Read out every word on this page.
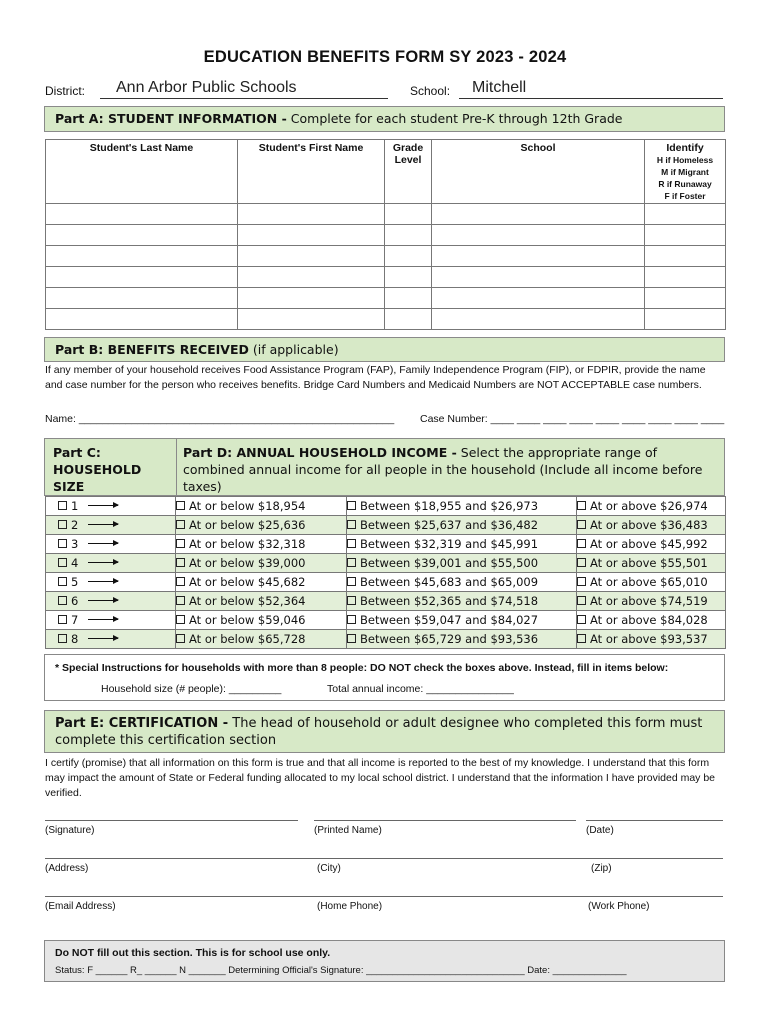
EDUCATION BENEFITS FORM SY 2023 - 2024
District: Ann Arbor Public Schools	School: Mitchell
Part A: STUDENT INFORMATION - Complete for each student Pre-K through 12th Grade
Student's Last Name	Student's First Name	Grade Level	School	Identify
H if Homeless
M if Migrant
R if Runaway
F if Foster

Part B: BENEFITS RECEIVED (if applicable)
If any member of your household receives Food Assistance Program (FAP), Family Independence Program (FIP), or FDPIR, provide the name and case number for the person who receives benefits. Bridge Card Numbers and Medicaid Numbers are NOT ACCEPTABLE case numbers.
Name: ______________________________________________________ Case Number: ____ ____ ____ ____ ____ ____ ____ ____ ____
Part C: HOUSEHOLD SIZE
Part D: ANNUAL HOUSEHOLD INCOME - Select the appropriate range of combined annual income for all people in the household (Include all income before taxes)
1	At or below $18,954	Between $18,955 and $26,973	At or above $26,974
2	At or below $25,636	Between $25,637 and $36,482	At or above $36,483
3	At or below $32,318	Between $32,319 and $45,991	At or above $45,992
4	At or below $39,000	Between $39,001 and $55,500	At or above $55,501
5	At or below $45,682	Between $45,683 and $65,009	At or above $65,010
6	At or below $52,364	Between $52,365 and $74,518	At or above $74,519
7	At or below $59,046	Between $59,047 and $84,027	At or above $84,028
8	At or below $65,728	Between $65,729 and $93,536	At or above $93,537
* Special Instructions for households with more than 8 people: DO NOT check the boxes above. Instead, fill in items below:
Household size (# people): _________	Total annual income: _______________
Part E: CERTIFICATION - The head of household or adult designee who completed this form must complete this certification section
I certify (promise) that all information on this form is true and that all income is reported to the best of my knowledge. I understand that this form may impact the amount of State or Federal funding allocated to my local school district. I understand that the information I have provided may be verified.
(Signature)	(Printed Name)	(Date)
(Address)	(City)	(Zip)
(Email Address)	(Home Phone)	(Work Phone)
Do NOT fill out this section. This is for school use only.
Status: F ______ R_ ______ N _______ Determining Official's Signature: ______________________________ Date: ______________
